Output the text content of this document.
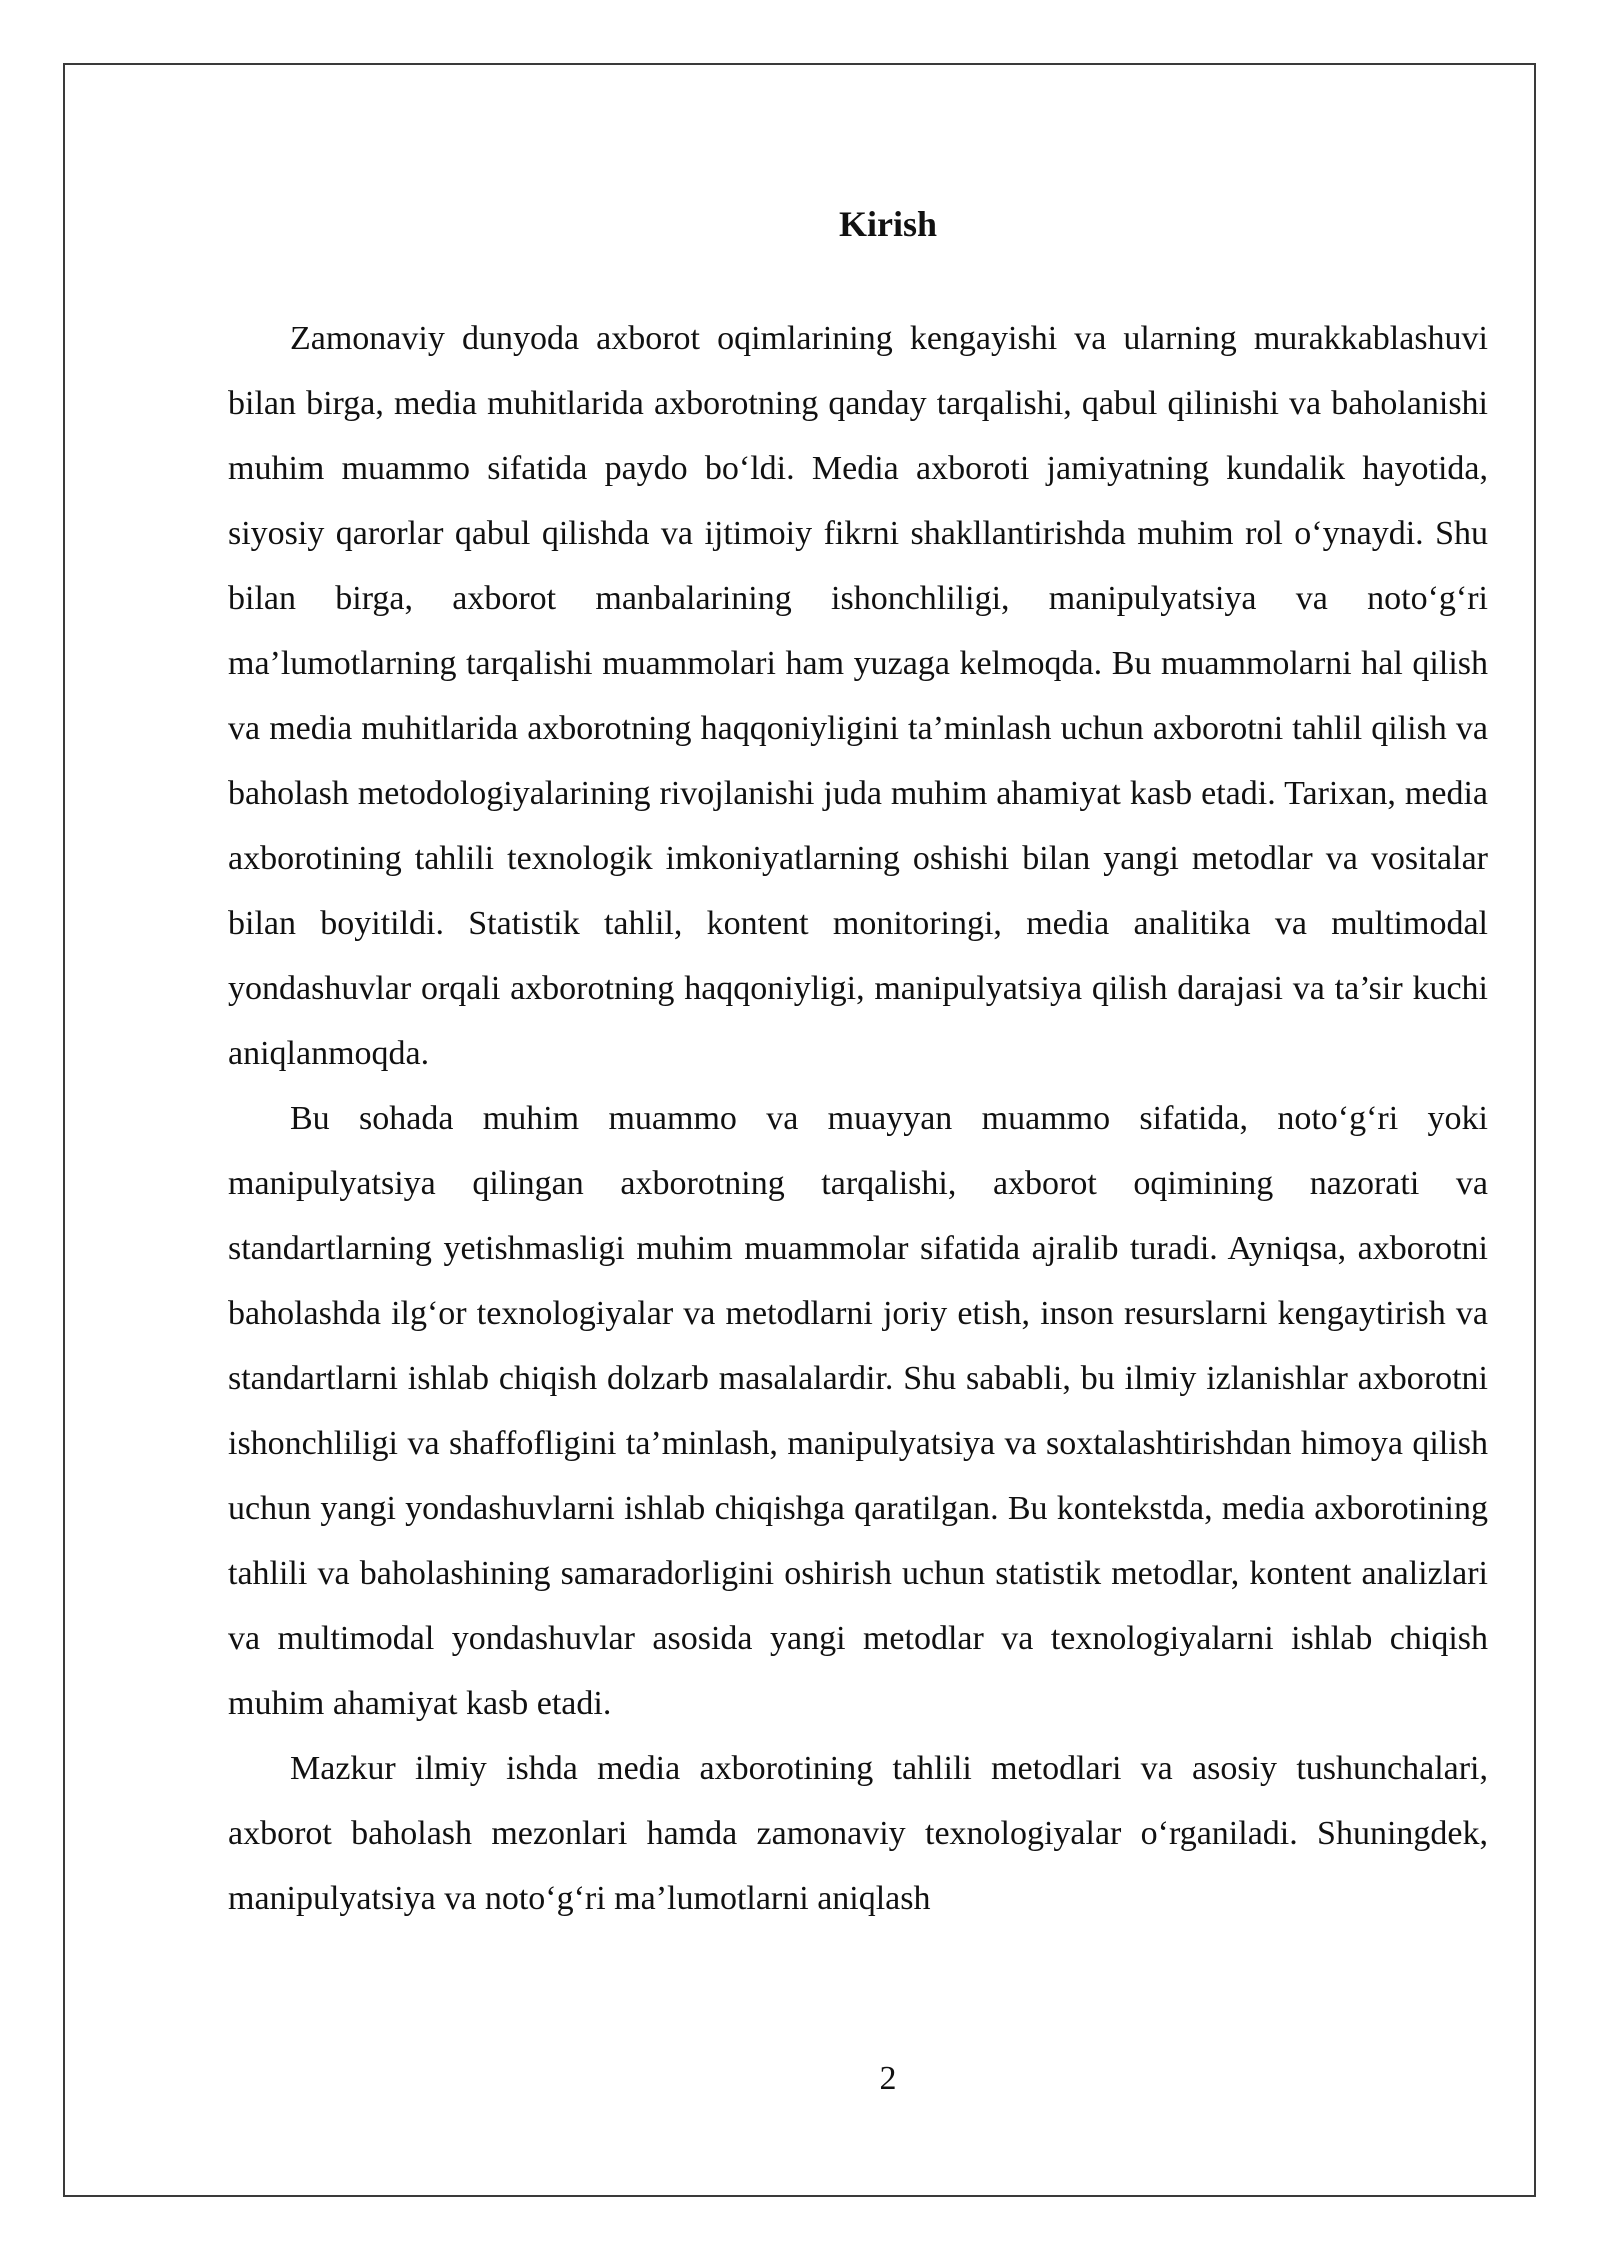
Kirish

Zamonaviy dunyoda axborot oqimlarining kengayishi va ularning murakkablashuvi bilan birga, media muhitlarida axborotning qanday tarqalishi, qabul qilinishi va baholanishi muhim muammo sifatida paydo bo‘ldi. Media axboroti jamiyatning kundalik hayotida, siyosiy qarorlar qabul qilishda va ijtimoiy fikrni shakllantirishda muhim rol o‘ynaydi. Shu bilan birga, axborot manbalarining ishonchliligi, manipulyatsiya va noto‘g‘ri ma’lumotlarning tarqalishi muammolari ham yuzaga kelmoqda. Bu muammolarni hal qilish va media muhitlarida axborotning haqqoniyligini ta’minlash uchun axborotni tahlil qilish va baholash metodologiyalarining rivojlanishi juda muhim ahamiyat kasb etadi. Tarixan, media axborotining tahlili texnologik imkoniyatlarning oshishi bilan yangi metodlar va vositalar bilan boyitildi. Statistik tahlil, kontent monitoringi, media analitika va multimodal yondashuvlar orqali axborotning haqqoniyligi, manipulyatsiya qilish darajasi va ta’sir kuchi aniqlanmoqda.

Bu sohada muhim muammo va muayyan muammo sifatida, noto‘g‘ri yoki manipulyatsiya qilingan axborotning tarqalishi, axborot oqimining nazorati va standartlarning yetishmasligi muhim muammolar sifatida ajralib turadi. Ayniqsa, axborotni baholashda ilg‘or texnologiyalar va metodlarni joriy etish, inson resurslarni kengaytirish va standartlarni ishlab chiqish dolzarb masalalardir. Shu sababli, bu ilmiy izlanishlar axborotni ishonchliligi va shaffofligini ta’minlash, manipulyatsiya va soxtalashtirishdan himoya qilish uchun yangi yondashuvlarni ishlab chiqishga qaratilgan. Bu kontekstda, media axborotining tahlili va baholashining samaradorligini oshirish uchun statistik metodlar, kontent analizlari va multimodal yondashuvlar asosida yangi metodlar va texnologiyalarni ishlab chiqish muhim ahamiyat kasb etadi.

Mazkur ilmiy ishda media axborotining tahlili metodlari va asosiy tushunchalari, axborot baholash mezonlari hamda zamonaviy texnologiyalar o‘rganiladi. Shuningdek, manipulyatsiya va noto‘g‘ri ma’lumotlarni aniqlash

2
